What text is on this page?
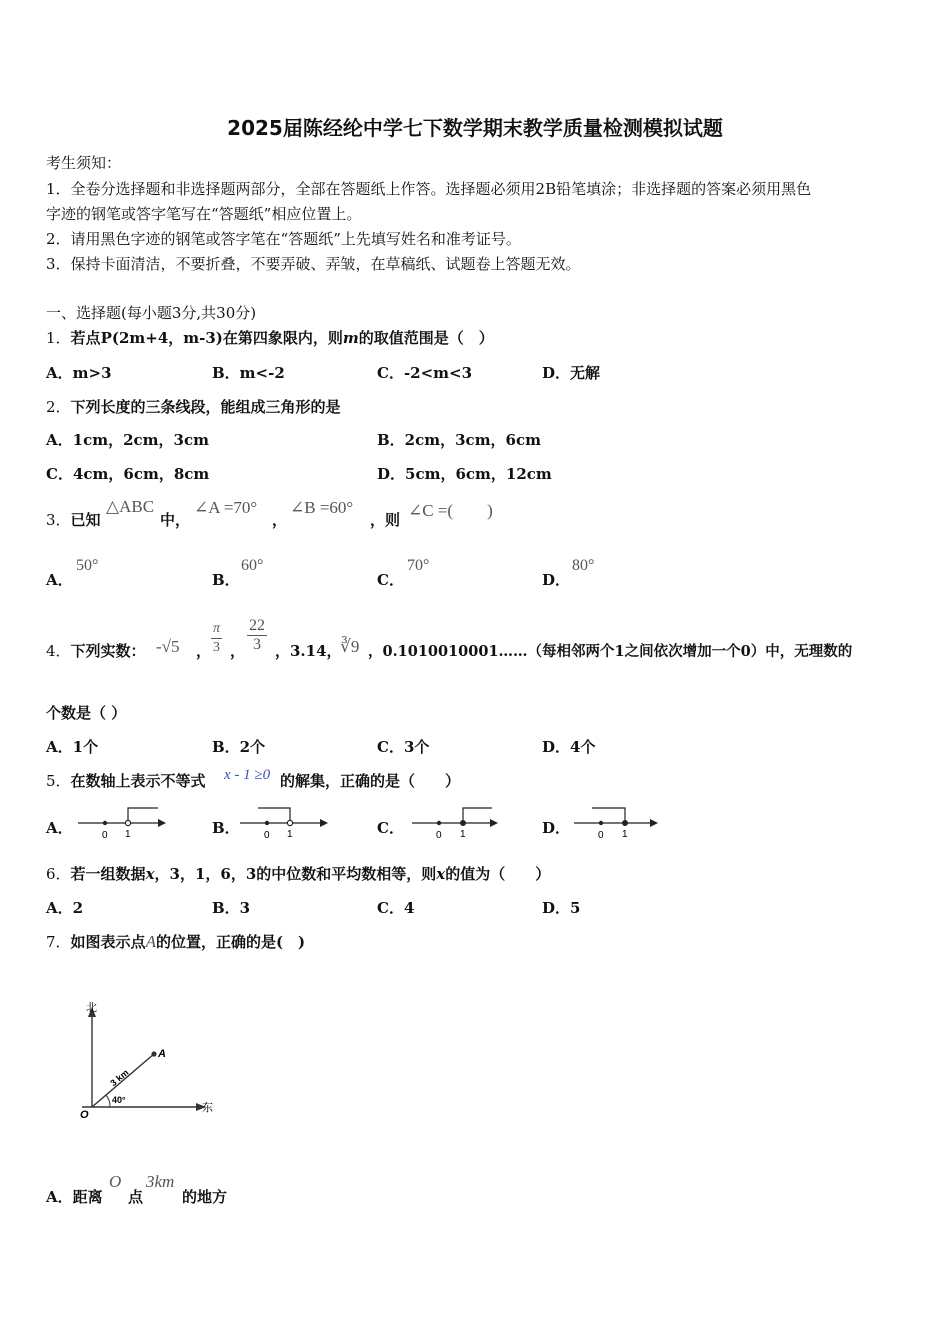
2025届陈经纶中学七下数学期末教学质量检测模拟试题
考生须知：
1．全卷分选择题和非选择题两部分，全部在答题纸上作答。选择题必须用2B铅笔填涂；非选择题的答案必须用黑色
字迹的钢笔或答字笔写在“答题纸”相应位置上。
2．请用黑色字迹的钢笔或答字笔在“答题纸”上先填写姓名和准考证号。
3．保持卡面清洁，不要折叠，不要弄破、弄皱，在草稿纸、试题卷上答题无效。
一、选择题(每小题3分,共30分)
1．若点P(2m+4，m-3)在第四象限内，则m的取值范围是（　）
A．m>3	B．m<-2	C．-2<m<3	D．无解
2．下列长度的三条线段，能组成三角形的是
A．1cm，2cm，3cm	B．2cm，3cm，6cm
C．4cm，6cm，8cm	D．5cm，6cm，12cm
3．已知
△ABC
中，
∠A =70°
，
∠B =60°
，则 ∠C =(　　)
A．
50°
B．
60°
C．
70°
D．
80°
4．下列实数： -√5 ， $\frac{\pi}{3}$ ， $\frac{22}{3}$ ，3.14，
∛9 ，0.1010010001……（每相邻两个1之间依次增加一个0）中，无理数的
个数是（ ）
A．1个	B．2个	C．3个	D．4个
5．在数轴上表示不等式 x - 1 ≥0 的解集，正确的是（　　）
A．	0 1	B． 0 1	C．	0 1	D．	0 1
6．若一组数据x，3，1，6，3的中位数和平均数相等，则x的值为（　　）
A．2	B．3	C．4	D．5
7．如图表示点A的位置，正确的是(　)
北
东
O
A
3 km
40°
A．距离
O
点
3km
的地方
